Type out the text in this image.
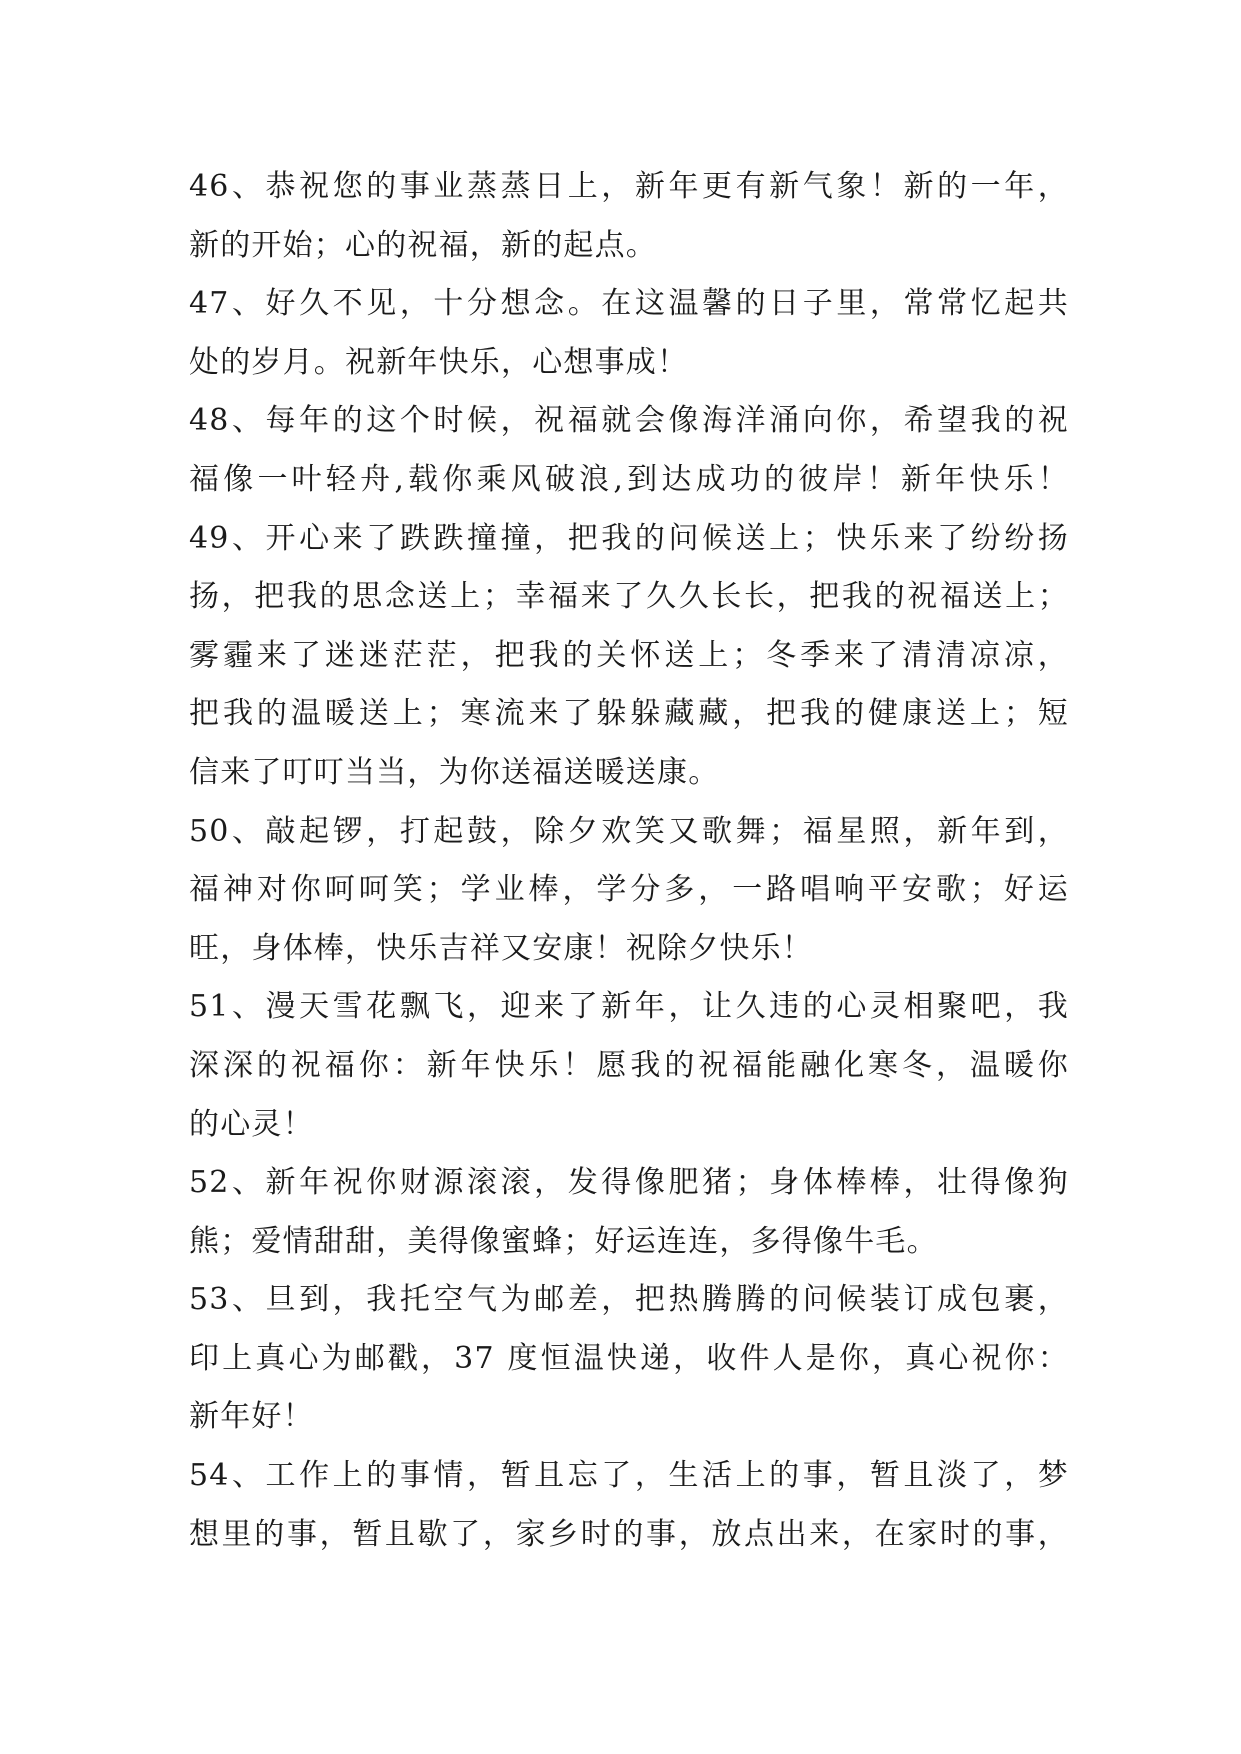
46、恭祝您的事业蒸蒸日上，新年更有新气象！新的一年，
新的开始；心的祝福，新的起点。
47、好久不见，十分想念。在这温馨的日子里，常常忆起共
处的岁月。祝新年快乐，心想事成！
48、每年的这个时候，祝福就会像海洋涌向你，希望我的祝
福像一叶轻舟,载你乘风破浪,到达成功的彼岸！新年快乐！
49、开心来了跌跌撞撞，把我的问候送上；快乐来了纷纷扬
扬，把我的思念送上；幸福来了久久长长，把我的祝福送上；
雾霾来了迷迷茫茫，把我的关怀送上；冬季来了清清凉凉，
把我的温暖送上；寒流来了躲躲藏藏，把我的健康送上；短
信来了叮叮当当，为你送福送暖送康。
50、敲起锣，打起鼓，除夕欢笑又歌舞；福星照，新年到，
福神对你呵呵笑；学业棒，学分多，一路唱响平安歌；好运
旺，身体棒，快乐吉祥又安康！祝除夕快乐！
51、漫天雪花飘飞，迎来了新年，让久违的心灵相聚吧，我
深深的祝福你：新年快乐！愿我的祝福能融化寒冬，温暖你
的心灵！
52、新年祝你财源滚滚，发得像肥猪；身体棒棒，壮得像狗
熊；爱情甜甜，美得像蜜蜂；好运连连，多得像牛毛。
53、旦到，我托空气为邮差，把热腾腾的问候装订成包裹，
印上真心为邮戳，37 度恒温快递，收件人是你，真心祝你：
新年好！
54、工作上的事情，暂且忘了，生活上的事，暂且淡了，梦
想里的事，暂且歇了，家乡时的事，放点出来，在家时的事，
